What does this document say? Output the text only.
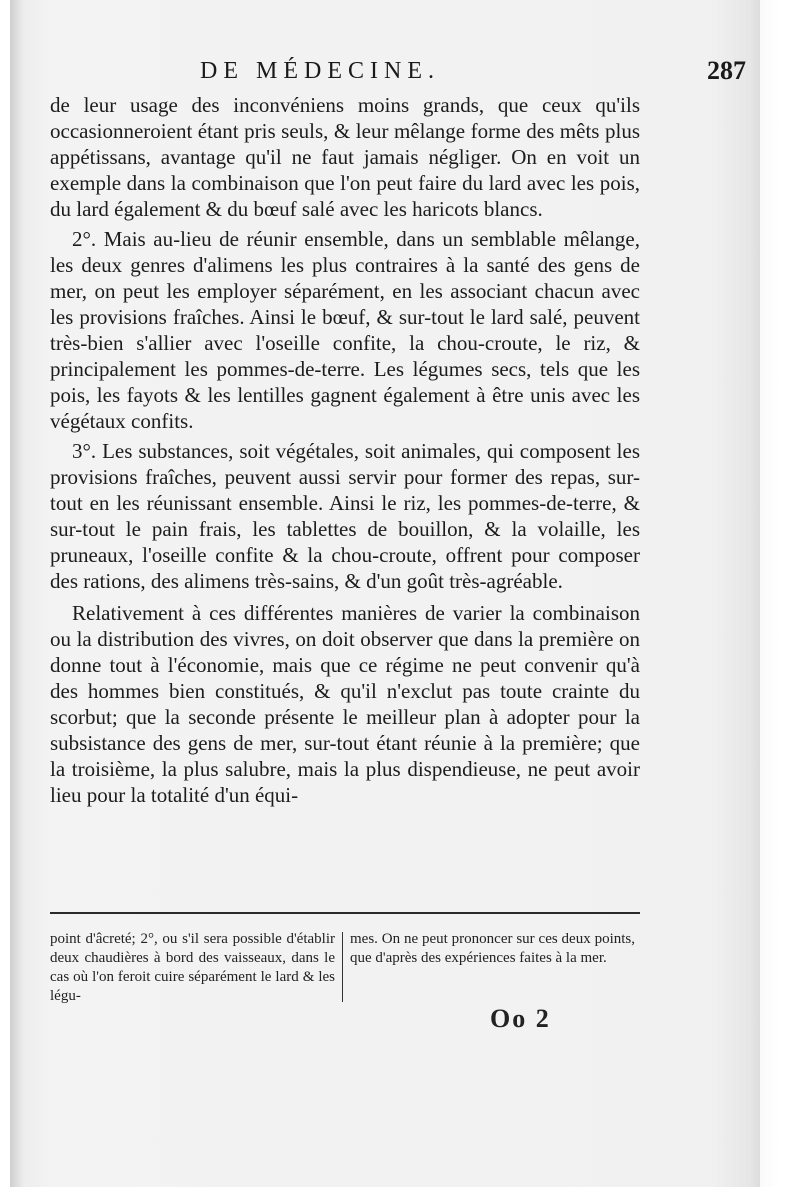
DE MÉDECINE.	287

de leur usage des inconvéniens moins grands, que ceux qu'ils occasionneroient étant pris seuls, & leur mêlange forme des mêts plus appétissans, avantage qu'il ne faut jamais négliger. On en voit un exemple dans la combinaison que l'on peut faire du lard avec les pois, du lard également & du bœuf salé avec les haricots blancs.

2°. Mais au-lieu de réunir ensemble, dans un semblable mêlange, les deux genres d'alimens les plus contraires à la santé des gens de mer, on peut les employer séparément, en les associant chacun avec les provisions fraîches. Ainsi le bœuf, & sur-tout le lard salé, peuvent très-bien s'allier avec l'oseille confite, la chou-croute, le riz, & principalement les pommes-de-terre. Les légumes secs, tels que les pois, les fayots & les lentilles gagnent également à être unis avec les végétaux confits.

3°. Les substances, soit végétales, soit animales, qui composent les provisions fraîches, peuvent aussi servir pour former des repas, sur-tout en les réunissant ensemble. Ainsi le riz, les pommes-de-terre, & sur-tout le pain frais, les tablettes de bouillon, & la volaille, les pruneaux, l'oseille confite & la chou-croute, offrent pour composer des rations, des alimens très-sains, & d'un goût très-agréable.

Relativement à ces différentes manières de varier la combinaison ou la distribution des vivres, on doit observer que dans la première on donne tout à l'économie, mais que ce régime ne peut convenir qu'à des hommes bien constitués, & qu'il n'exclut pas toute crainte du scorbut; que la seconde présente le meilleur plan à adopter pour la subsistance des gens de mer, sur-tout étant réunie à la première; que la troisième, la plus salubre, mais la plus dispendieuse, ne peut avoir lieu pour la totalité d'un équi-

point d'âcreté; 2°, ou s'il sera possible d'établir deux chaudières à bord des vaisseaux, dans le cas où l'on feroit cuire séparément le lard & les légu-
mes. On ne peut prononcer sur ces deux points, que d'après des expériences faites à la mer.
Oo 2
